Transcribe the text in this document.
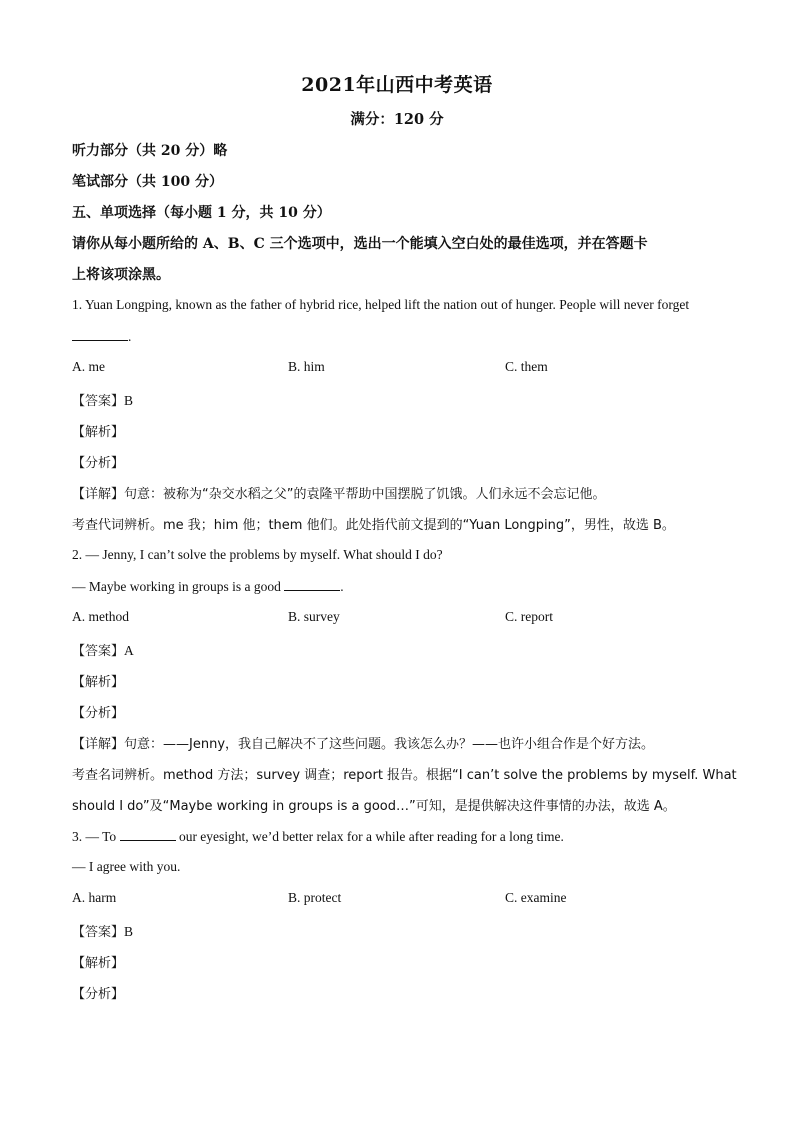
2021年山西中考英语
满分：120 分
听力部分（共 20 分）略
笔试部分（共 100 分）
五、单项选择（每小题 1 分，共 10 分）
请你从每小题所给的 A、B、C 三个选项中，选出一个能填入空白处的最佳选项，并在答题卡
上将该项涂黑。
1. Yuan Longping, known as the father of hybrid rice, helped lift the nation out of hunger. People will never forget
.
A. me	B. him	C. them
【答案】B
【解析】
【分析】
【详解】句意：被称为“杂交水稻之父”的袁隆平帮助中国摆脱了饥饿。人们永远不会忘记他。
考查代词辨析。me 我；him 他；them 他们。此处指代前文提到的“Yuan Longping”，男性，故选 B。
2. — Jenny, I can’t solve the problems by myself. What should I do?
— Maybe working in groups is a good	.
A. method	B. survey	C. report
【答案】A
【解析】
【分析】
【详解】句意：——Jenny，我自己解决不了这些问题。我该怎么办？——也许小组合作是个好方法。
考查名词辨析。method 方法；survey 调查；report 报告。根据“I can’t solve the problems by myself. What
should I do”及“Maybe working in groups is a good…”可知，是提供解决这件事情的办法，故选 A。
3. — To	our eyesight, we’d better relax for a while after reading for a long time.
— I agree with you.
A. harm	B. protect	C. examine
【答案】B
【解析】
【分析】
